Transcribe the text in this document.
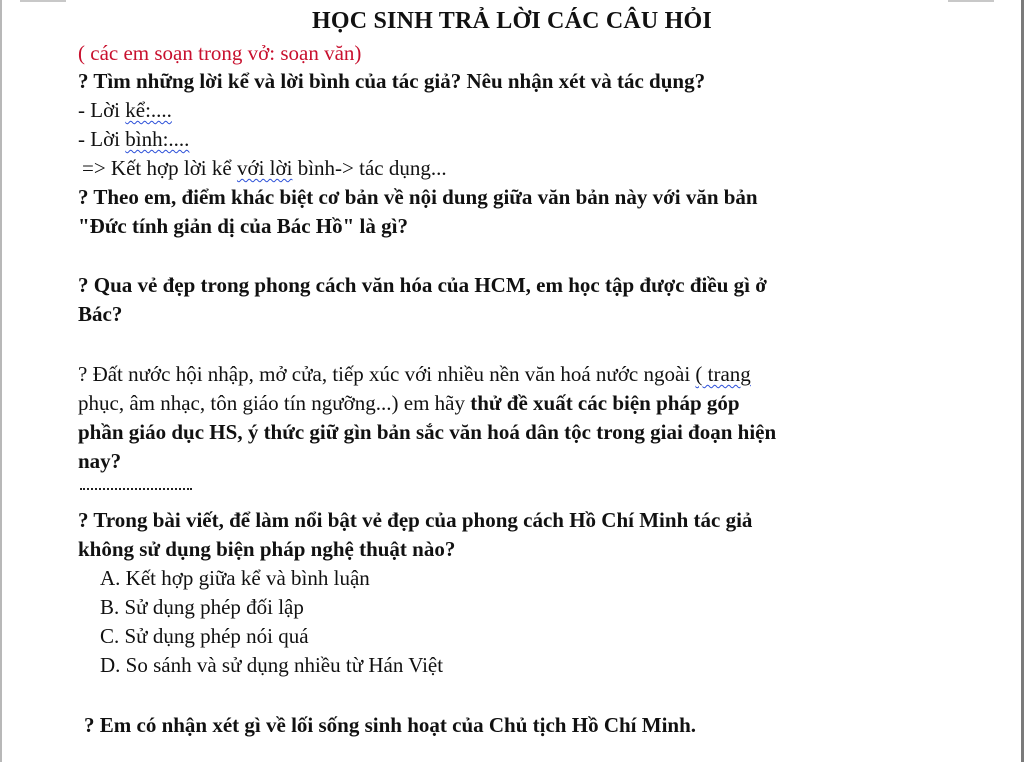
HỌC SINH TRẢ LỜI CÁC CÂU HỎI
( các em soạn trong vở: soạn văn)
? Tìm những lời kể và lời bình của tác giả? Nêu nhận xét và tác dụng?
- Lời kể:....
- Lời bình:....
=> Kết hợp lời kể với lời bình-> tác dụng...
? Theo em, điểm khác biệt cơ bản về nội dung giữa văn bản này với văn bản
"Đức tính giản dị của Bác Hồ" là gì?
? Qua vẻ đẹp trong phong cách văn hóa của HCM, em học tập được điều gì ở
Bác?
? Đất nước hội nhập, mở cửa, tiếp xúc với nhiều nền văn hoá nước ngoài ( trang
phục, âm nhạc, tôn giáo tín ngưỡng...) em hãy thử đề xuất các biện pháp góp
phần giáo dục HS, ý thức giữ gìn bản sắc văn hoá dân tộc trong giai đoạn hiện
nay?
? Trong bài viết, để làm nổi bật vẻ đẹp của phong cách Hồ Chí Minh tác giả
không sử dụng biện pháp nghệ thuật nào?
A. Kết hợp giữa kể và bình luận
B. Sử dụng phép đối lập
C. Sử dụng phép nói quá
D. So sánh và sử dụng nhiều từ Hán Việt
? Em có nhận xét gì về lối sống sinh hoạt của Chủ tịch Hồ Chí Minh.
